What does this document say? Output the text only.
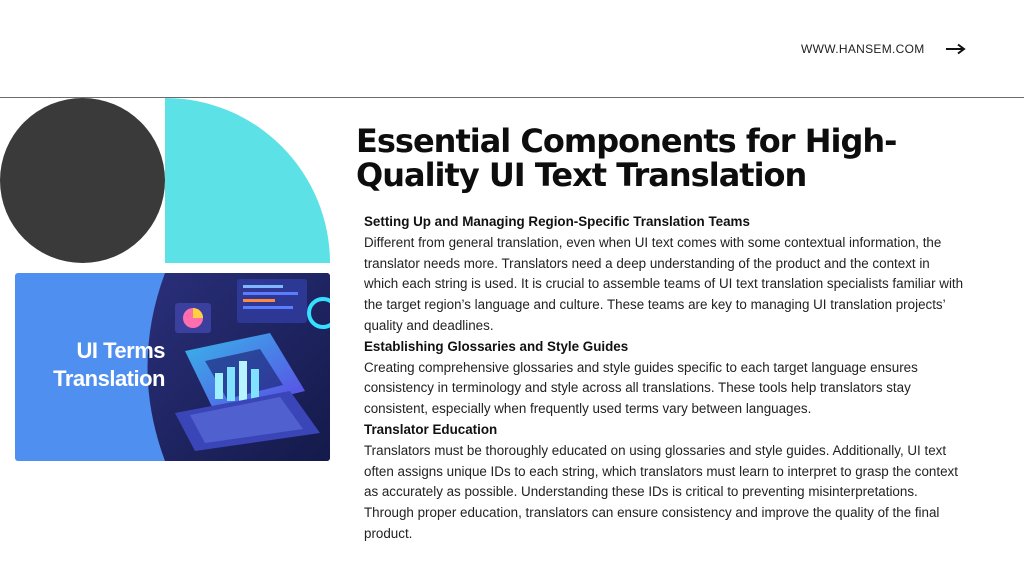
WWW.HANSEM.COM
UI Terms Translation
Essential Components for High-Quality UI Text Translation

Setting Up and Managing Region-Specific Translation Teams

Different from general translation, even when UI text comes with some contextual information, the translator needs more. Translators need a deep understanding of the product and the context in which each string is used. It is crucial to assemble teams of UI text translation specialists familiar with the target region’s language and culture. These teams are key to managing UI translation projects’ quality and deadlines.

Establishing Glossaries and Style Guides

Creating comprehensive glossaries and style guides specific to each target language ensures consistency in terminology and style across all translations. These tools help translators stay consistent, especially when frequently used terms vary between languages.

Translator Education

Translators must be thoroughly educated on using glossaries and style guides. Additionally, UI text often assigns unique IDs to each string, which translators must learn to interpret to grasp the context as accurately as possible. Understanding these IDs is critical to preventing misinterpretations. Through proper education, translators can ensure consistency and improve the quality of the final product.
